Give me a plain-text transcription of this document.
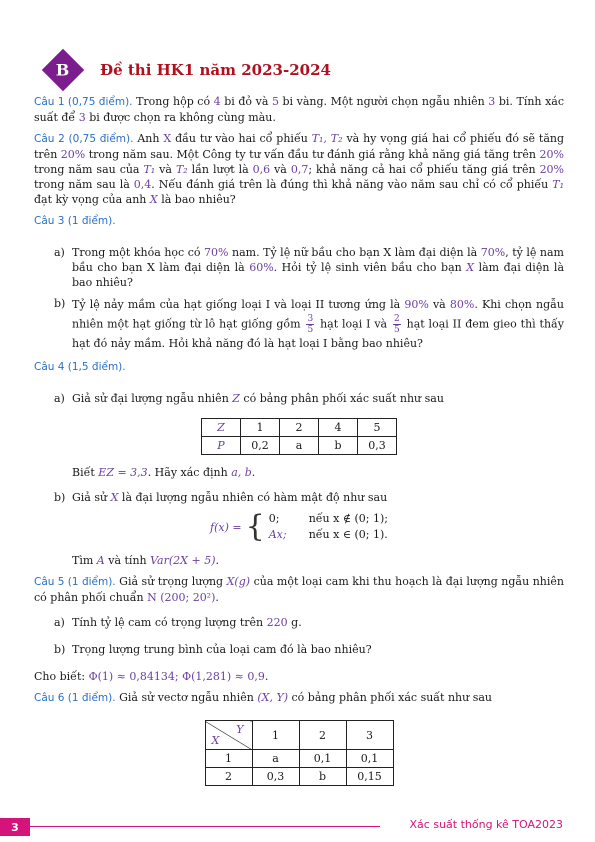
B Đề thi HK1 năm 2023-2024

Câu 1 (0,75 điểm). Trong hộp có 4 bi đỏ và 5 bi vàng. Một người chọn ngẫu nhiên 3 bi. Tính xác suất để 3 bi được chọn ra không cùng màu.

Câu 2 (0,75 điểm). Anh X đầu tư vào hai cổ phiếu T₁, T₂ và hy vọng giá hai cổ phiếu đó sẽ tăng trên 20% trong năm sau. Một Công ty tư vấn đầu tư đánh giá rằng khả năng giá tăng trên 20% trong năm sau của T₁ và T₂ lần lượt là 0,6 và 0,7; khả năng cả hai cổ phiếu tăng giá trên 20% trong năm sau là 0,4. Nếu đánh giá trên là đúng thì khả năng vào năm sau chỉ có cổ phiếu T₁ đạt kỳ vọng của anh X là bao nhiêu?

Câu 3 (1 điểm).

a) Trong một khóa học có 70% nam. Tỷ lệ nữ bầu cho bạn X làm đại diện là 70%, tỷ lệ nam bầu cho bạn X làm đại diện là 60%. Hỏi tỷ lệ sinh viên bầu cho bạn X làm đại diện là bao nhiêu?
b) Tỷ lệ nảy mầm của hạt giống loại I và loại II tương ứng là 90% và 80%. Khi chọn ngẫu nhiên một hạt giống từ lô hạt giống gồm $\frac{3}{5}$ hạt loại I và $\frac{2}{5}$ hạt loại II đem gieo thì thấy hạt đó nảy mầm. Hỏi khả năng đó là hạt loại I bằng bao nhiêu?

Câu 4 (1,5 điểm).

a) Giả sử đại lượng ngẫu nhiên Z có bảng phân phối xác suất như sau
Z	1	2	4	5
P	0,2	a	b	0,3

Biết EZ = 3,3. Hãy xác định a, b.

b) Giả sử X là đại lượng ngẫu nhiên có hàm mật độ như sau
f(x) = { 0;	nếu x ∉ (0; 1);
Ax;	nếu x ∈ (0; 1).

Tìm A và tính Var(2X + 5).

Câu 5 (1 điểm). Giả sử trọng lượng X(g) của một loại cam khi thu hoạch là đại lượng ngẫu nhiên có phân phối chuẩn N (200; 20²).

a) Tính tỷ lệ cam có trọng lượng trên 220 g.
b) Trọng lượng trung bình của loại cam đó là bao nhiêu?

Cho biết: Φ(1) ≈ 0,84134; Φ(1,281) ≈ 0,9.

Câu 6 (1 điểm). Giả sử vectơ ngẫu nhiên (X, Y) có bảng phân phối xác suất như sau

Y
X	1	2	3
1	a	0,1	0,1
2	0,3	b	0,15
3	Xác suất thống kê TOA2023
